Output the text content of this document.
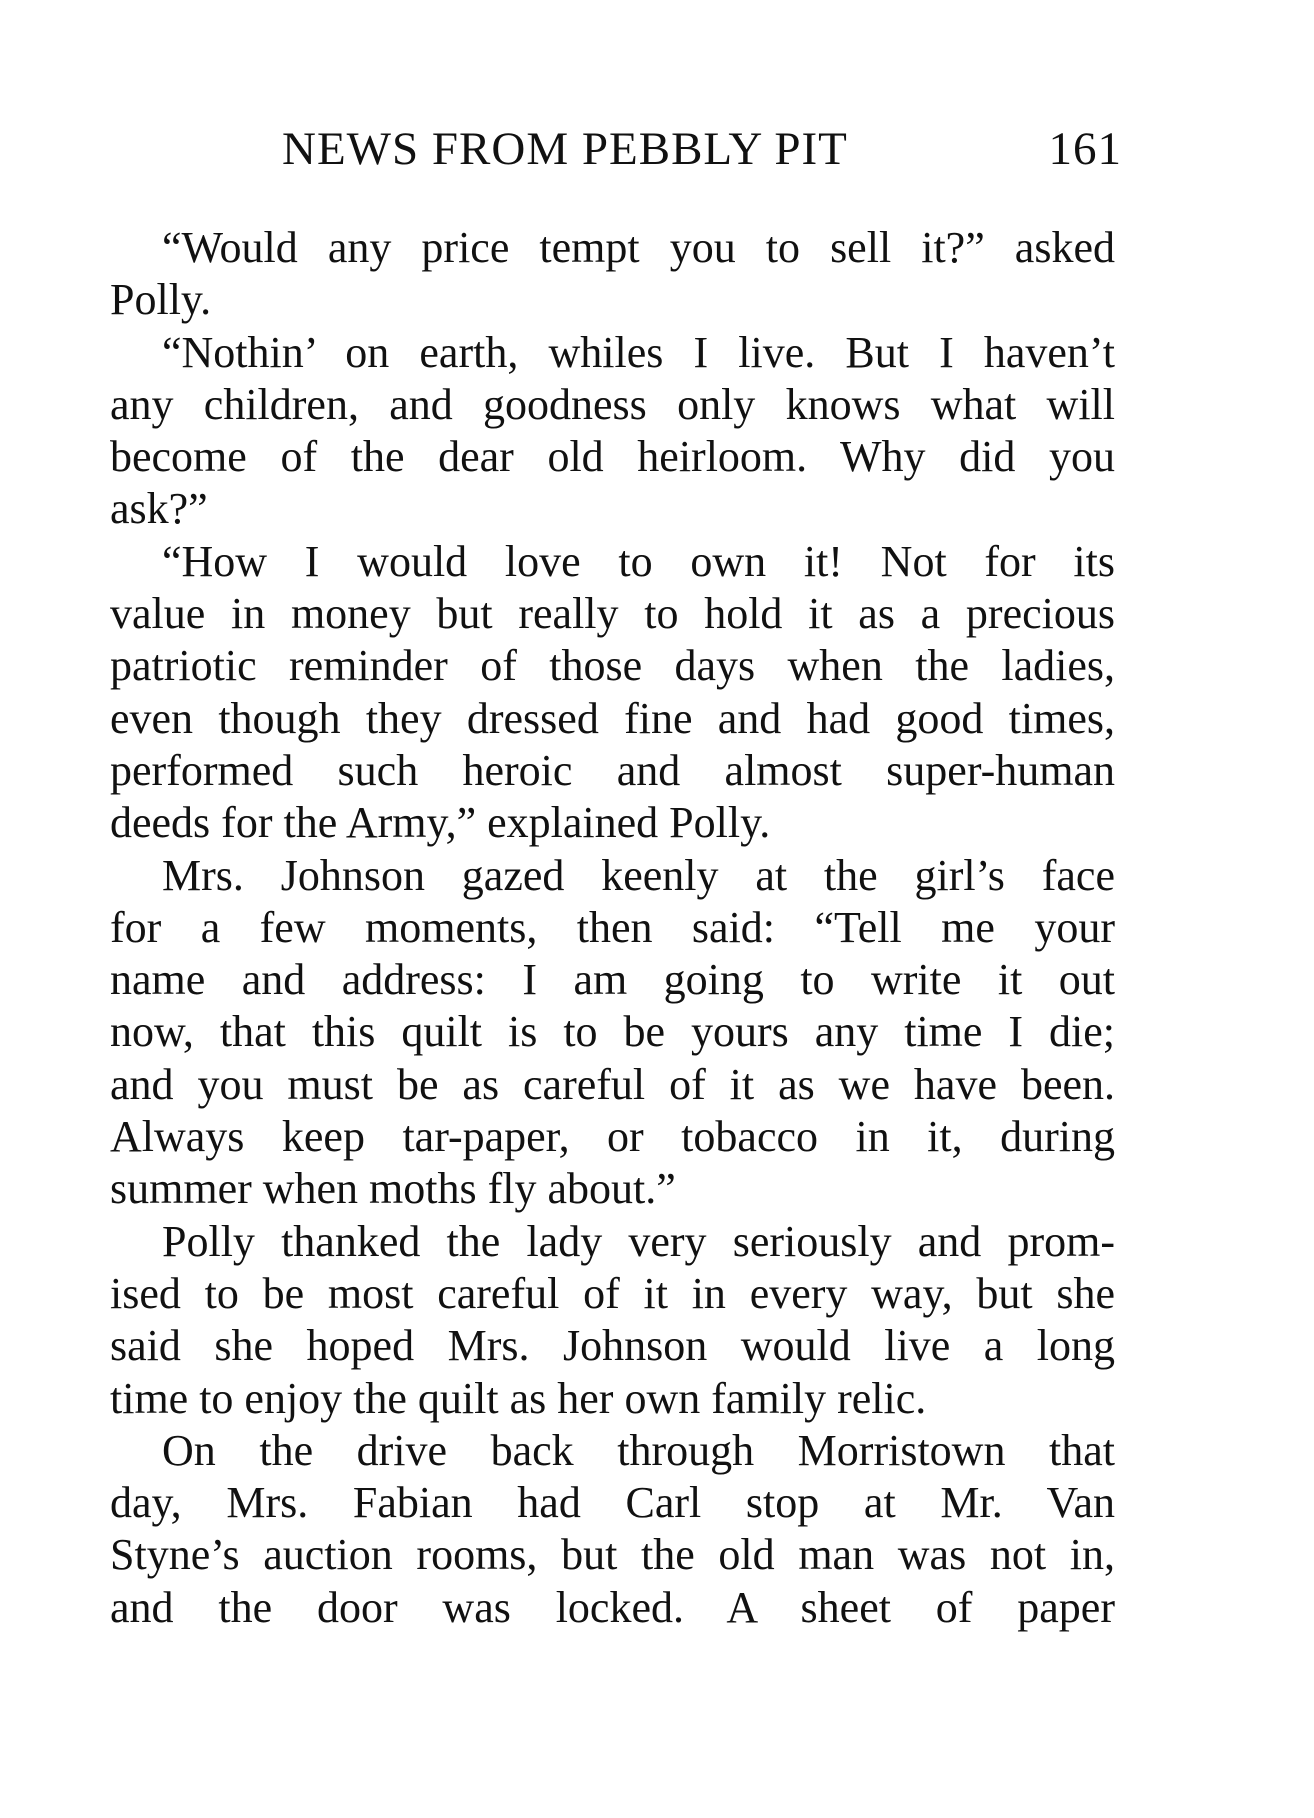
NEWS FROM PEBBLY PIT	161
“Would any price tempt you to sell it?” asked
Polly.
“Nothin’ on earth, whiles I live. But I haven’t
any children, and goodness only knows what will
become of the dear old heirloom. Why did you
ask?”
“How I would love to own it! Not for its
value in money but really to hold it as a precious
patriotic reminder of those days when the ladies,
even though they dressed fine and had good times,
performed such heroic and almost super-human
deeds for the Army,” explained Polly.
Mrs. Johnson gazed keenly at the girl’s face
for a few moments, then said: “Tell me your
name and address: I am going to write it out
now, that this quilt is to be yours any time I die;
and you must be as careful of it as we have been.
Always keep tar-paper, or tobacco in it, during
summer when moths fly about.”
Polly thanked the lady very seriously and prom-
ised to be most careful of it in every way, but she
said she hoped Mrs. Johnson would live a long
time to enjoy the quilt as her own family relic.
On the drive back through Morristown that
day, Mrs. Fabian had Carl stop at Mr. Van
Styne’s auction rooms, but the old man was not in,
and the door was locked. A sheet of paper
